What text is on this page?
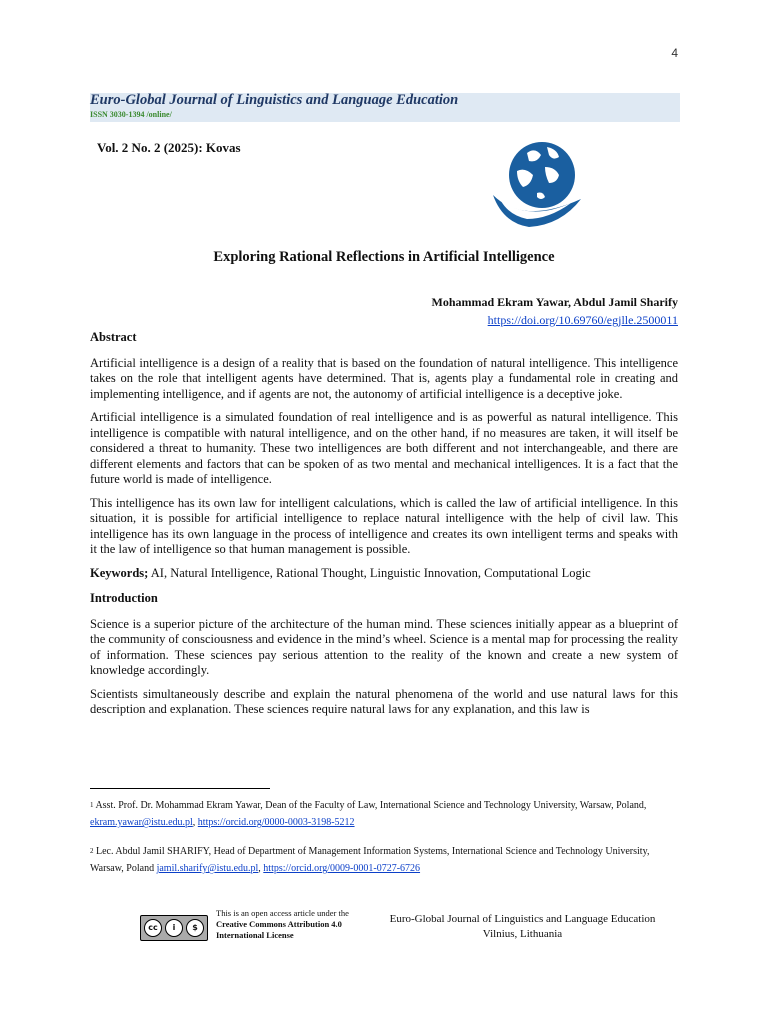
4
Euro-Global Journal of Linguistics and Language Education
ISSN 3030-1394 /online/
Vol. 2 No. 2 (2025): Kovas
Exploring Rational Reflections in Artificial Intelligence
Mohammad Ekram Yawar, Abdul Jamil Sharify
https://doi.org/10.69760/egjlle.2500011
Abstract

Artificial intelligence is a design of a reality that is based on the foundation of natural intelligence. This intelligence takes on the role that intelligent agents have determined. That is, agents play a fundamental role in creating and implementing intelligence, and if agents are not, the autonomy of artificial intelligence is a deceptive joke.

Artificial intelligence is a simulated foundation of real intelligence and is as powerful as natural intelligence. This intelligence is compatible with natural intelligence, and on the other hand, if no measures are taken, it will itself be considered a threat to humanity. These two intelligences are both different and not interchangeable, and there are different elements and factors that can be spoken of as two mental and mechanical intelligences. It is a fact that the future world is made of intelligence.

This intelligence has its own law for intelligent calculations, which is called the law of artificial intelligence. In this situation, it is possible for artificial intelligence to replace natural intelligence with the help of civil law. This intelligence has its own language in the process of intelligence and creates its own intelligent terms and speaks with it the law of intelligence so that human management is possible.

Keywords; AI, Natural Intelligence, Rational Thought, Linguistic Innovation, Computational Logic

Introduction

Science is a superior picture of the architecture of the human mind. These sciences initially appear as a blueprint of the community of consciousness and evidence in the mind’s wheel. Science is a mental map for processing the reality of information. These sciences pay serious attention to the reality of the known and create a new system of knowledge accordingly.

Scientists simultaneously describe and explain the natural phenomena of the world and use natural laws for this description and explanation. These sciences require natural laws for any explanation, and this law is

$^1$ Asst. Prof. Dr. Mohammad Ekram Yawar, Dean of the Faculty of Law, International Science and Technology University, Warsaw, Poland, ekram.yawar@istu.edu.pl, https://orcid.org/0000-0003-3198-5212
$^2$ Lec. Abdul Jamil SHARIFY, Head of Department of Management Information Systems, International Science and Technology University, Warsaw, Poland jamil.sharify@istu.edu.pl, https://orcid.org/0009-0001-0727-6726
cc	i	$
This is an open access article under the
Creative Commons Attribution 4.0
International License
Euro-Global Journal of Linguistics and Language Education
Vilnius, Lithuania
